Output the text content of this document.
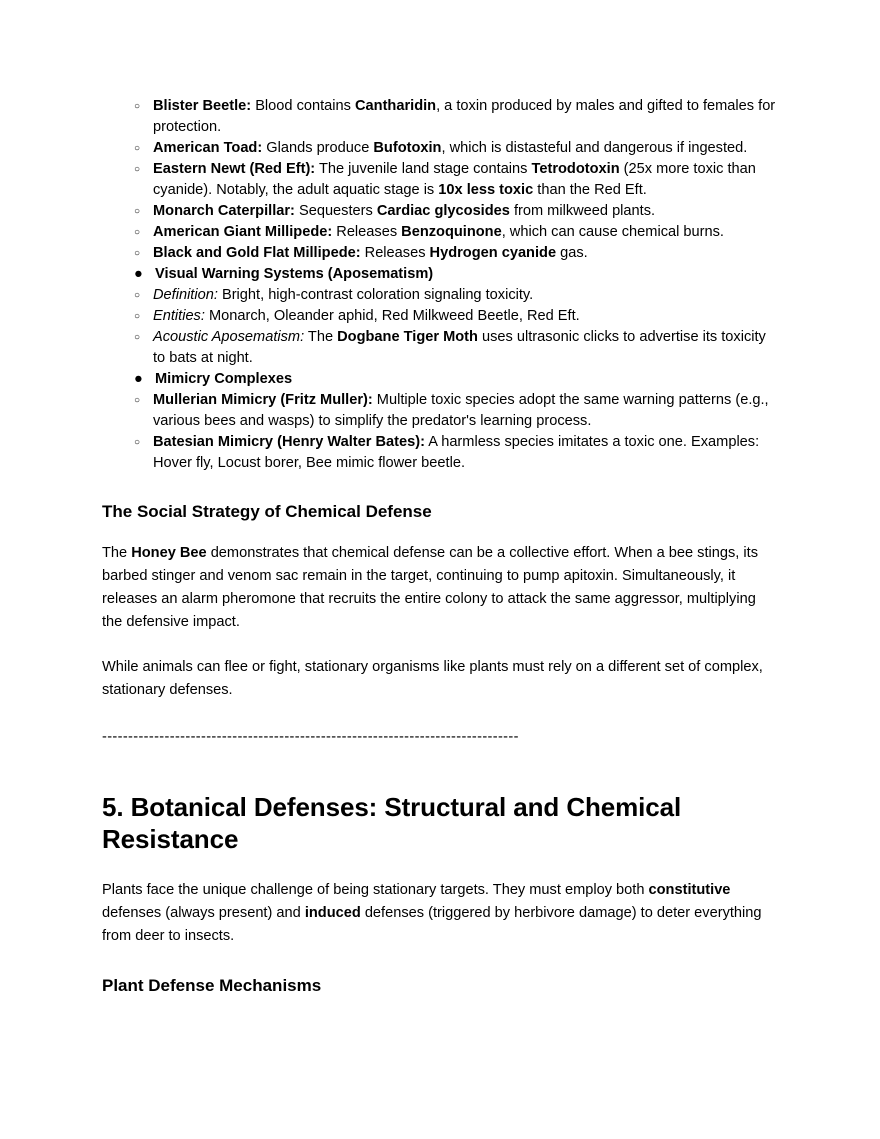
○ Blister Beetle: Blood contains Cantharidin, a toxin produced by males and gifted to females for protection.
○ American Toad: Glands produce Bufotoxin, which is distasteful and dangerous if ingested.
○ Eastern Newt (Red Eft): The juvenile land stage contains Tetrodotoxin (25x more toxic than cyanide). Notably, the adult aquatic stage is 10x less toxic than the Red Eft.
○ Monarch Caterpillar: Sequesters Cardiac glycosides from milkweed plants.
○ American Giant Millipede: Releases Benzoquinone, which can cause chemical burns.
○ Black and Gold Flat Millipede: Releases Hydrogen cyanide gas.
● Visual Warning Systems (Aposematism)
○ Definition: Bright, high-contrast coloration signaling toxicity.
○ Entities: Monarch, Oleander aphid, Red Milkweed Beetle, Red Eft.
○ Acoustic Aposematism: The Dogbane Tiger Moth uses ultrasonic clicks to advertise its toxicity to bats at night.
● Mimicry Complexes
○ Mullerian Mimicry (Fritz Muller): Multiple toxic species adopt the same warning patterns (e.g., various bees and wasps) to simplify the predator's learning process.
○ Batesian Mimicry (Henry Walter Bates): A harmless species imitates a toxic one. Examples: Hover fly, Locust borer, Bee mimic flower beetle.
The Social Strategy of Chemical Defense

The Honey Bee demonstrates that chemical defense can be a collective effort. When a bee stings, its barbed stinger and venom sac remain in the target, continuing to pump apitoxin. Simultaneously, it releases an alarm pheromone that recruits the entire colony to attack the same aggressor, multiplying the defensive impact.

While animals can flee or fight, stationary organisms like plants must rely on a different set of complex, stationary defenses.

--------------------------------------------------------------------------------
5. Botanical Defenses: Structural and Chemical Resistance

Plants face the unique challenge of being stationary targets. They must employ both constitutive defenses (always present) and induced defenses (triggered by herbivore damage) to deter everything from deer to insects.

Plant Defense Mechanisms
